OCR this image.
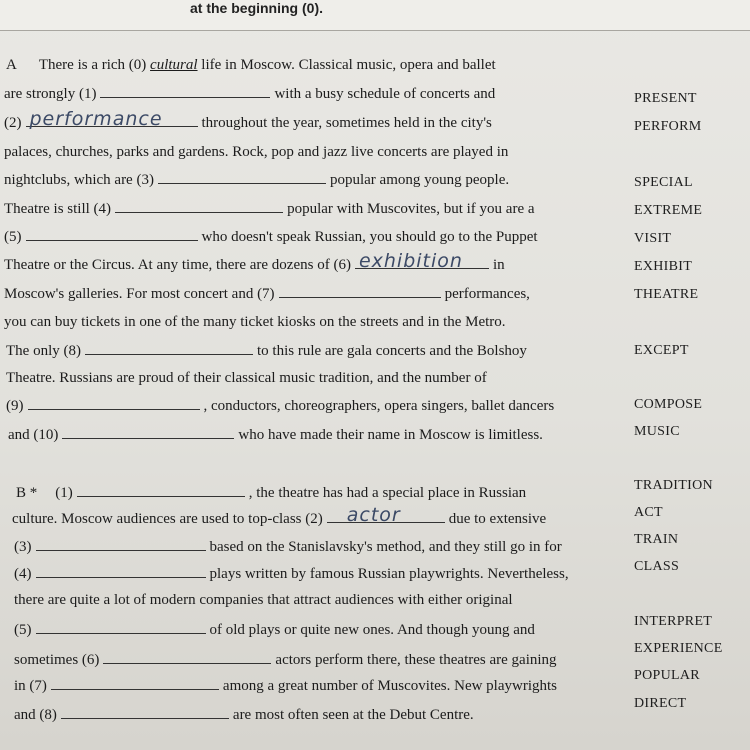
at the beginning (0).
A There is a rich (0) cultural life in Moscow. Classical music, opera and ballet
are strongly (1)	with a busy schedule of concerts and
(2) performance	throughout the year, sometimes held in the city's
palaces, churches, parks and gardens. Rock, pop and jazz live concerts are played in
nightclubs, which are (3)	popular among young people.
Theatre is still (4)	popular with Muscovites, but if you are a
(5)	who doesn't speak Russian, you should go to the Puppet
Theatre or the Circus. At any time, there are dozens of (6) exhibition in
Moscow's galleries. For most concert and (7)	performances,
you can buy tickets in one of the many ticket kiosks on the streets and in the Metro.
The only (8)	to this rule are gala concerts and the Bolshoy
Theatre. Russians are proud of their classical music tradition, and the number of
(9)	, conductors, choreographers, opera singers, ballet dancers
and (10)	who have made their name in Moscow is limitless.
PRESENT
PERFORM
SPECIAL
EXTREME
VISIT
EXHIBIT
THEATRE
EXCEPT
COMPOSE
MUSIC
B * (1)	, the theatre has had a special place in Russian
culture. Moscow audiences are used to top-class (2) actor	due to extensive
(3)	based on the Stanislavsky's method, and they still go in for
(4)	plays written by famous Russian playwrights. Nevertheless,
there are quite a lot of modern companies that attract audiences with either original
(5)	of old plays or quite new ones. And though young and
sometimes (6)	actors perform there, these theatres are gaining
in (7)	among a great number of Muscovites. New playwrights
and (8)	are most often seen at the Debut Centre.
TRADITION
ACT
TRAIN
CLASS
INTERPRET
EXPERIENCE
POPULAR
DIRECT
